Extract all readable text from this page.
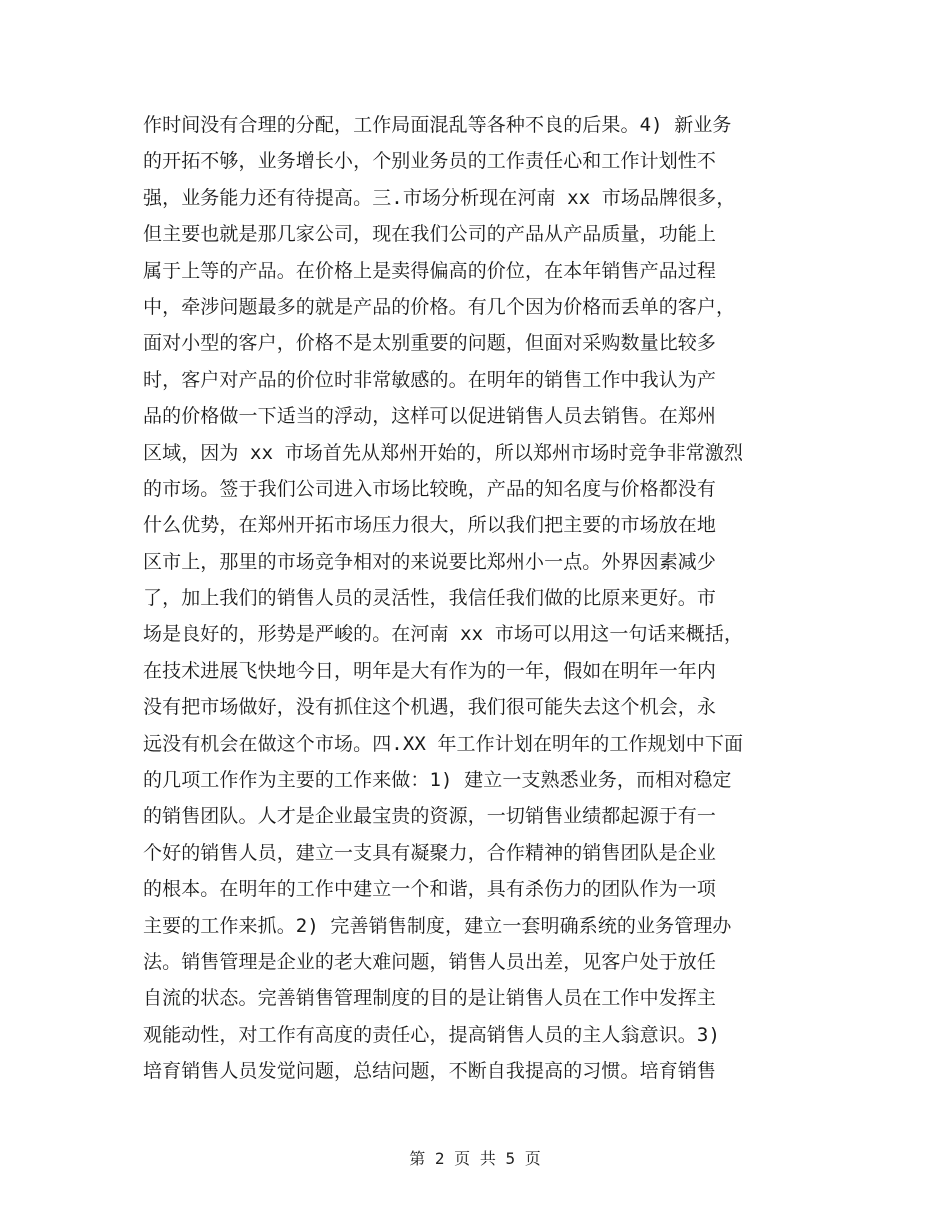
作时间没有合理的分配，工作局面混乱等各种不良的后果。4) 新业务
的开拓不够，业务增长小，个别业务员的工作责任心和工作计划性不
强，业务能力还有待提高。三.市场分析现在河南 xx 市场品牌很多，
但主要也就是那几家公司，现在我们公司的产品从产品质量，功能上
属于上等的产品。在价格上是卖得偏高的价位，在本年销售产品过程
中，牵涉问题最多的就是产品的价格。有几个因为价格而丢单的客户，
面对小型的客户，价格不是太别重要的问题，但面对采购数量比较多
时，客户对产品的价位时非常敏感的。在明年的销售工作中我认为产
品的价格做一下适当的浮动，这样可以促进销售人员去销售。在郑州
区域，因为 xx 市场首先从郑州开始的，所以郑州市场时竞争非常激烈
的市场。签于我们公司进入市场比较晚，产品的知名度与价格都没有
什么优势，在郑州开拓市场压力很大，所以我们把主要的市场放在地
区市上，那里的市场竞争相对的来说要比郑州小一点。外界因素减少
了，加上我们的销售人员的灵活性，我信任我们做的比原来更好。市
场是良好的，形势是严峻的。在河南 xx 市场可以用这一句话来概括，
在技术进展飞快地今日，明年是大有作为的一年，假如在明年一年内
没有把市场做好，没有抓住这个机遇，我们很可能失去这个机会，永
远没有机会在做这个市场。四.XX 年工作计划在明年的工作规划中下面
的几项工作作为主要的工作来做：1) 建立一支熟悉业务，而相对稳定
的销售团队。人才是企业最宝贵的资源，一切销售业绩都起源于有一
个好的销售人员，建立一支具有凝聚力，合作精神的销售团队是企业
的根本。在明年的工作中建立一个和谐，具有杀伤力的团队作为一项
主要的工作来抓。2) 完善销售制度，建立一套明确系统的业务管理办
法。销售管理是企业的老大难问题，销售人员出差，见客户处于放任
自流的状态。完善销售管理制度的目的是让销售人员在工作中发挥主
观能动性，对工作有高度的责任心，提高销售人员的主人翁意识。3)
培育销售人员发觉问题，总结问题，不断自我提高的习惯。培育销售
第 2 页 共 5 页
